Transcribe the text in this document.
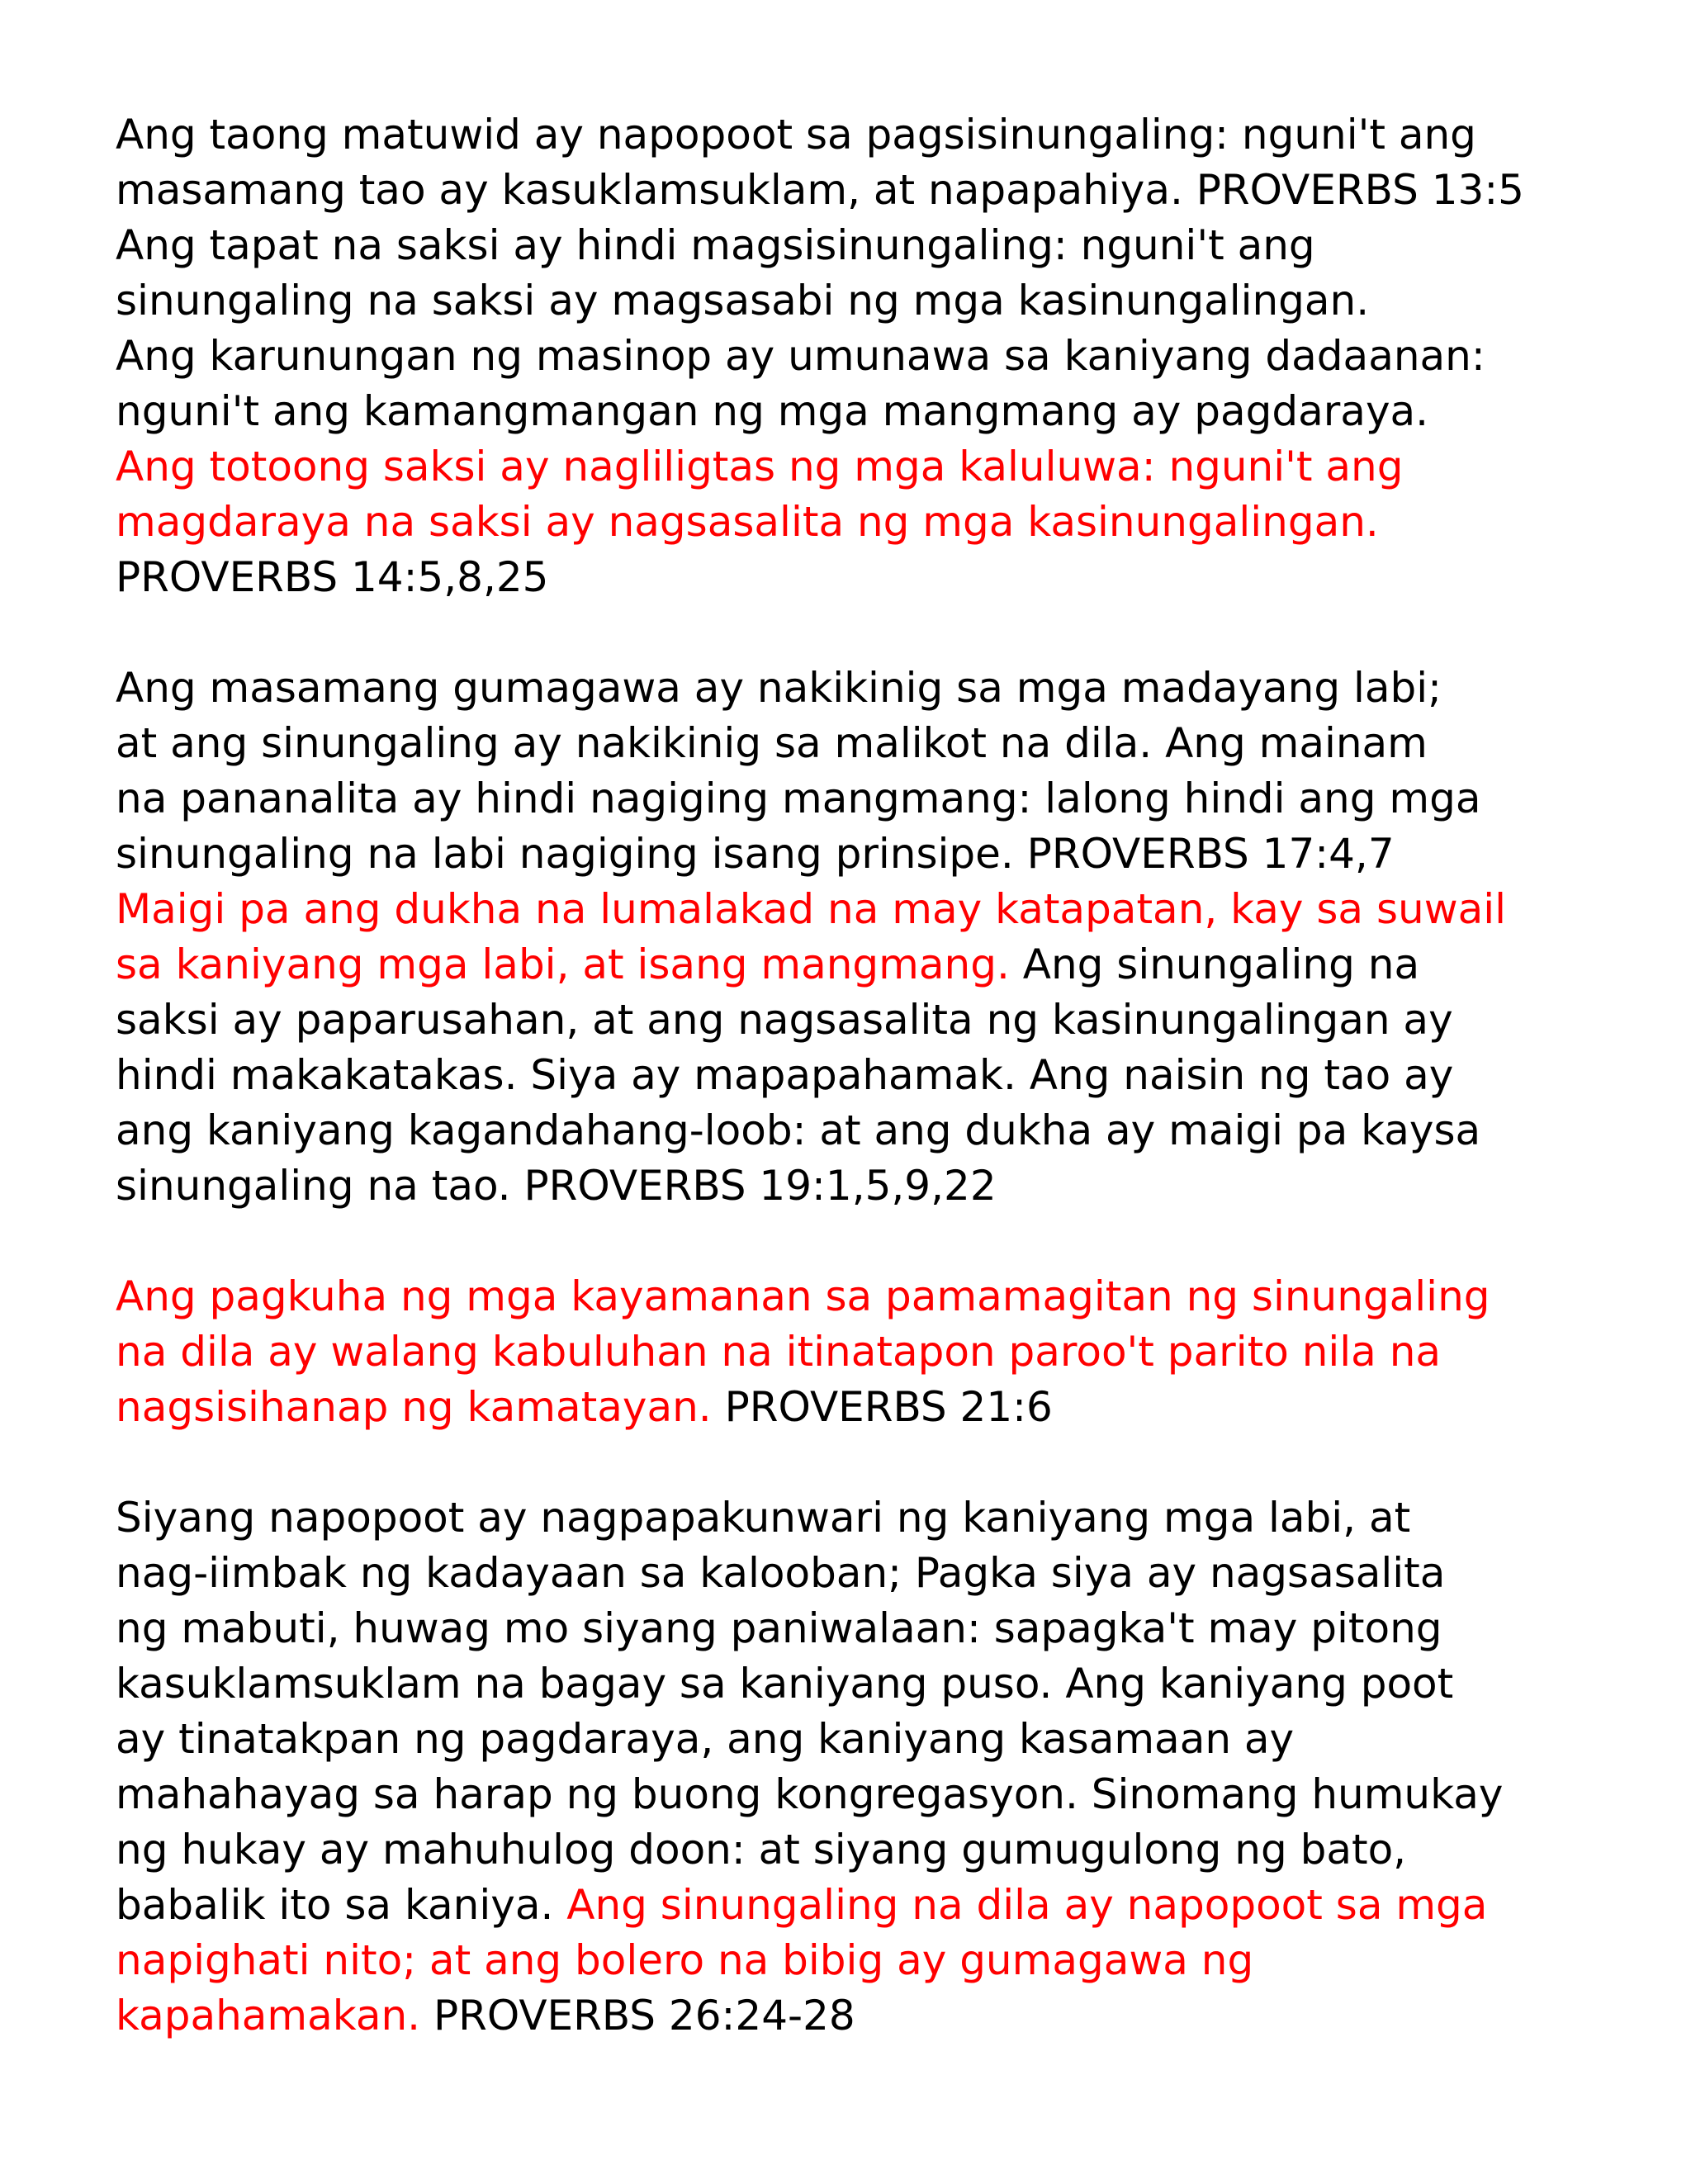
Ang taong matuwid ay napopoot sa pagsisinungaling: nguni't ang
masamang tao ay kasuklamsuklam, at napapahiya. PROVERBS 13:5
Ang tapat na saksi ay hindi magsisinungaling: nguni't ang
sinungaling na saksi ay magsasabi ng mga kasinungalingan.
Ang karunungan ng masinop ay umunawa sa kaniyang dadaanan:
nguni't ang kamangmangan ng mga mangmang ay pagdaraya.
Ang totoong saksi ay nagliligtas ng mga kaluluwa: nguni't ang
magdaraya na saksi ay nagsasalita ng mga kasinungalingan.
PROVERBS 14:5,8,25
Ang masamang gumagawa ay nakikinig sa mga madayang labi;
at ang sinungaling ay nakikinig sa malikot na dila. Ang mainam
na pananalita ay hindi nagiging mangmang: lalong hindi ang mga
sinungaling na labi nagiging isang prinsipe. PROVERBS 17:4,7
Maigi pa ang dukha na lumalakad na may katapatan, kay sa suwail
sa kaniyang mga labi, at isang mangmang. Ang sinungaling na
saksi ay paparusahan, at ang nagsasalita ng kasinungalingan ay
hindi makakatakas. Siya ay mapapahamak. Ang naisin ng tao ay
ang kaniyang kagandahang-loob: at ang dukha ay maigi pa kaysa
sinungaling na tao. PROVERBS 19:1,5,9,22
Ang pagkuha ng mga kayamanan sa pamamagitan ng sinungaling
na dila ay walang kabuluhan na itinatapon paroo't parito nila na
nagsisihanap ng kamatayan. PROVERBS 21:6
Siyang napopoot ay nagpapakunwari ng kaniyang mga labi, at
nag-iimbak ng kadayaan sa kalooban; Pagka siya ay nagsasalita
ng mabuti, huwag mo siyang paniwalaan: sapagka't may pitong
kasuklamsuklam na bagay sa kaniyang puso. Ang kaniyang poot
ay tinatakpan ng pagdaraya, ang kaniyang kasamaan ay
mahahayag sa harap ng buong kongregasyon. Sinomang humukay
ng hukay ay mahuhulog doon: at siyang gumugulong ng bato,
babalik ito sa kaniya. Ang sinungaling na dila ay napopoot sa mga
napighati nito; at ang bolero na bibig ay gumagawa ng
kapahamakan. PROVERBS 26:24-28
